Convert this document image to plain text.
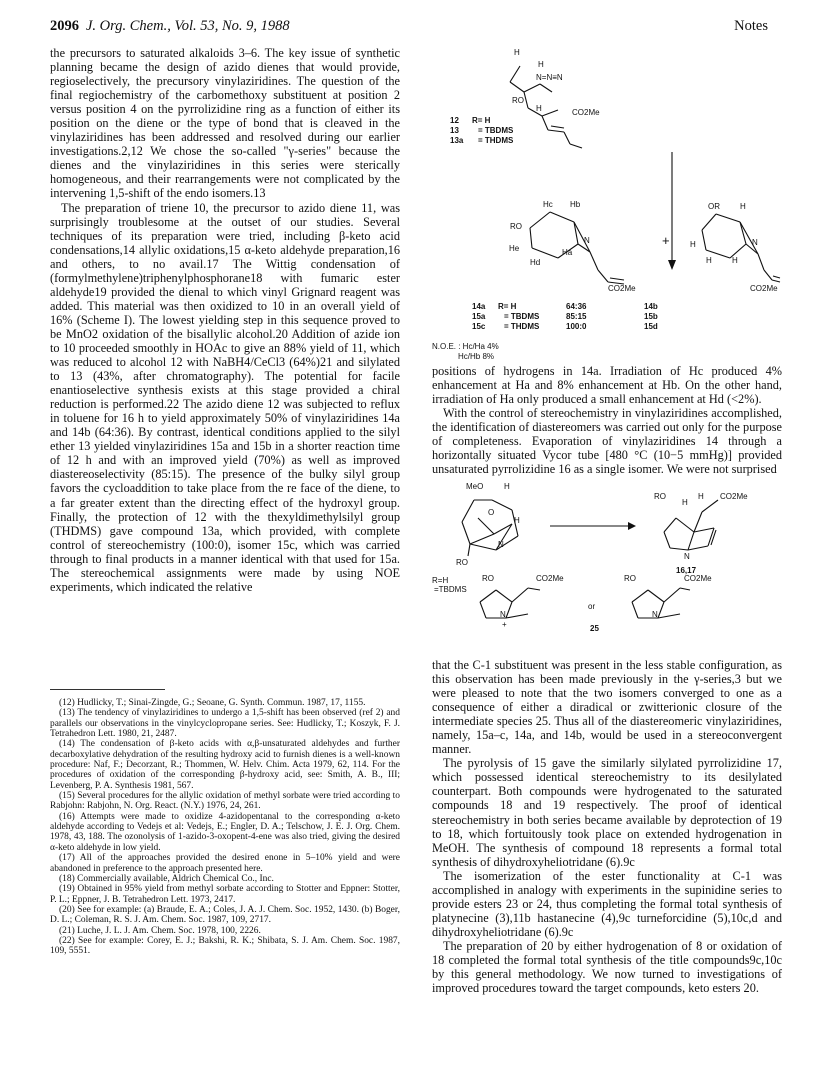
2096 J. Org. Chem., Vol. 53, No. 9, 1988	Notes

the precursors to saturated alkaloids 3–6. The key issue of synthetic planning became the design of azido dienes that would provide, regioselectively, the precursory vinylaziridines. The question of the final regiochemistry of the carbomethoxy substituent at position 2 versus position 4 on the pyrrolizidine ring as a function of either its position on the diene or the type of bond that is cleaved in the vinylaziridines has been addressed and resolved during our earlier investigations.2,12 We chose the so-called "γ-series" because the dienes and the vinylaziridines in this series were sterically homogeneous, and their rearrangements were not complicated by the intervening 1,5-shift of the endo isomers.13

The preparation of triene 10, the precursor to azido diene 11, was surprisingly troublesome at the outset of our studies. Several techniques of its preparation were tried, including β-keto acid condensations,14 allylic oxidations,15 α-keto aldehyde preparation,16 and others, to no avail.17 The Wittig condensation of (formylmethylene)triphenylphosphorane18 with fumaric ester aldehyde19 provided the dienal to which vinyl Grignard reagent was added. This material was then oxidized to 10 in an overall yield of 16% (Scheme I). The lowest yielding step in this sequence proved to be MnO2 oxidation of the bisallylic alcohol.20 Addition of azide ion to 10 proceeded smoothly in HOAc to give an 88% yield of 11, which was reduced to alcohol 12 with NaBH4/CeCl3 (64%)21 and silylated to 13 (43%, after chromatography). The potential for facile enantioselective synthesis exists at this stage provided a chiral reduction is performed.22 The azido diene 12 was subjected to reflux in toluene for 16 h to yield approximately 50% of vinylaziridines 14a and 14b (64:36). By contrast, identical conditions applied to the silyl ether 13 yielded vinylaziridines 15a and 15b in a shorter reaction time of 12 h and with an improved yield (70%) as well as improved diastereoselectivity (85:15). The presence of the bulky silyl group favors the cycloaddition to take place from the re face of the diene, to a far greater extent than the directing effect of the hydroxyl group. Finally, the protection of 12 with the thexyldimethylsilyl group (THDMS) gave compound 13a, which provided, with complete control of stereochemistry (100:0), isomer 15c, which was carried through to final products in a manner identical with that used for 15a. The stereochemical assignments were made by using NOE experiments, which indicated the relative

(12) Hudlicky, T.; Sinai-Zingde, G.; Seoane, G. Synth. Commun. 1987, 17, 1155.

(13) The tendency of vinylaziridines to undergo a 1,5-shift has been observed (ref 2) and parallels our observations in the vinylcyclopropane series. See: Hudlicky, T.; Koszyk, F. J. Tetrahedron Lett. 1980, 21, 2487.

(14) The condensation of β-keto acids with α,β-unsaturated aldehydes and further decarboxylative dehydration of the resulting hydroxy acid to furnish dienes is a well-known procedure: Naf, F.; Decorzant, R.; Thommen, W. Helv. Chim. Acta 1979, 62, 114. For the procedures of oxidation of the corresponding β-hydroxy acid, see: Smith, A. B., III; Levenberg, P. A. Synthesis 1981, 567.

(15) Several procedures for the allylic oxidation of methyl sorbate were tried according to Rabjohn: Rabjohn, N. Org. React. (N.Y.) 1976, 24, 261.

(16) Attempts were made to oxidize 4-azidopentanal to the corresponding α-keto aldehyde according to Vedejs et al: Vedejs, E.; Engler, D. A.; Telschow, J. E. J. Org. Chem. 1978, 43, 188. The ozonolysis of 1-azido-3-oxopent-4-ene was also tried, giving the desired α-keto aldehyde in low yield.

(17) All of the approaches provided the desired enone in 5–10% yield and were abandoned in preference to the approach presented here.

(18) Commercially available, Aldrich Chemical Co., Inc.

(19) Obtained in 95% yield from methyl sorbate according to Stotter and Eppner: Stotter, P. L.; Eppner, J. B. Tetrahedron Lett. 1973, 2417.

(20) See for example: (a) Braude, E. A.; Coles, J. A. J. Chem. Soc. 1952, 1430. (b) Boger, D. L.; Coleman, R. S. J. Am. Chem. Soc. 1987, 109, 2717.

(21) Luche, J. L. J. Am. Chem. Soc. 1978, 100, 2226.

(22) See for example: Corey, E. J.; Bakshi, R. K.; Shibata, S. J. Am. Chem. Soc. 1987, 109, 5551.

H
H
N=N≡N
RO
H	CO2Me
12 R= H
13 = TBDMS
13a = THDMS
Hc Hb
RO
He
N
Hd
Ha
CO2Me
+
OR	H
H	N
H	H
CO2Me
14a R= H	64:36	14b
15a = TBDMS	85:15	15b
15c = THDMS	100:0	15d
N.O.E. : Hc/Ha 4%
Hc/Hb 8%

positions of hydrogens in 14a. Irradiation of Hc produced 4% enhancement at Ha and 8% enhancement at Hb. On the other hand, irradiation of Ha only produced a small enhancement at Hd (<2%).

With the control of stereochemistry in vinylaziridines accomplished, the identification of diastereomers was carried out only for the purpose of completeness. Evaporation of vinylaziridines 14 through a horizontally situated Vycor tube [480 °C (10−5 mmHg)] provided unsaturated pyrrolizidine 16 as a single isomer. We were not surprised

MeO
O
H
H
N
RO
R=H
=TBDMS
RO
H
H CO2Me
N
16,17
RO	CO2Me
N
+
or
25
RO	CO2Me
N

that the C-1 substituent was present in the less stable configuration, as this observation has been made previously in the γ-series,3 but we were pleased to note that the two isomers converged to one as a consequence of either a diradical or zwitterionic closure of the intermediate species 25. Thus all of the diastereomeric vinylaziridines, namely, 15a–c, 14a, and 14b, would be used in a stereoconvergent manner.

The pyrolysis of 15 gave the similarly silylated pyrrolizidine 17, which possessed identical stereochemistry to its desilylated counterpart. Both compounds were hydrogenated to the saturated compounds 18 and 19 respectively. The proof of identical stereochemistry in both series became available by deprotection of 19 to 18, which fortuitously took place on extended hydrogenation in MeOH. The synthesis of compound 18 represents a formal total synthesis of dihydroxyheliotridane (6).9c

The isomerization of the ester functionality at C-1 was accomplished in analogy with experiments in the supinidine series to provide esters 23 or 24, thus completing the formal total synthesis of platynecine (3),11b hastanecine (4),9c turneforcidine (5),10c,d and dihydroxyheliotridane (6).9c

The preparation of 20 by either hydrogenation of 8 or oxidation of 18 completed the formal total synthesis of the title compounds9c,10c by this general methodology. We now turned to investigations of improved procedures toward the target compounds, keto esters 20.
